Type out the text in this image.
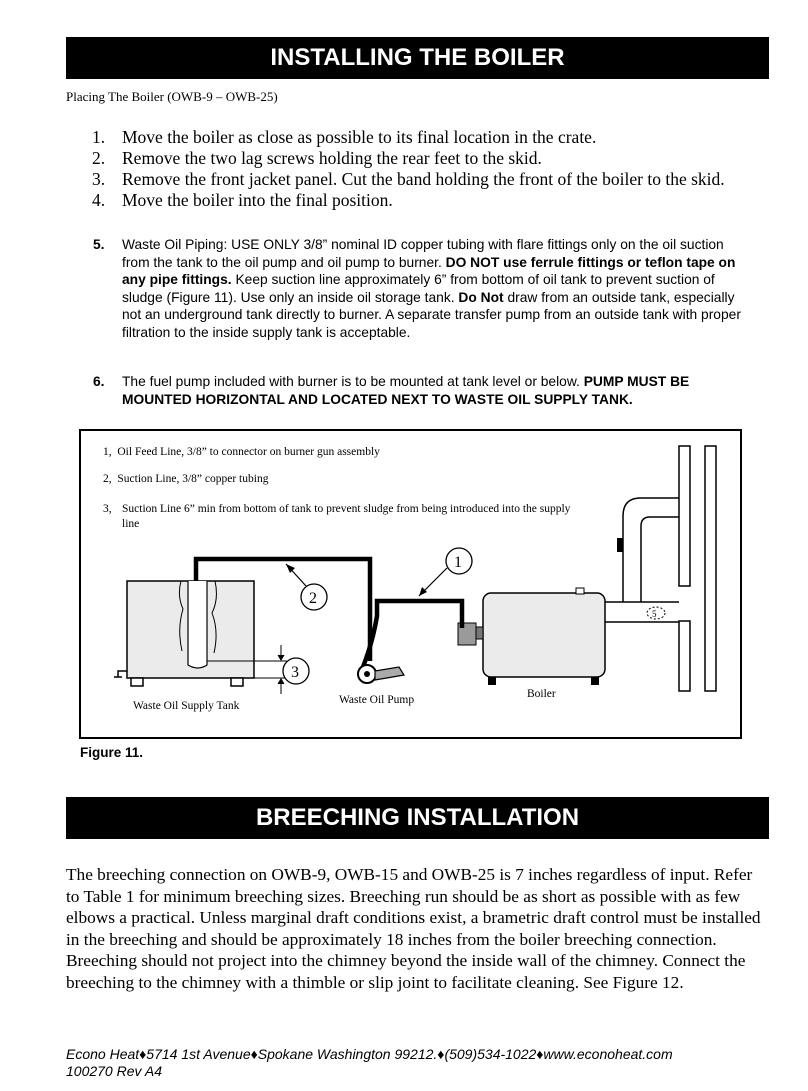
INSTALLING THE BOILER
Placing The Boiler (OWB-9 – OWB-25)
1. Move the boiler as close as possible to its final location in the crate.
2. Remove the two lag screws holding the rear feet to the skid.
3. Remove the front jacket panel. Cut the band holding the front of the boiler to the skid.
4. Move the boiler into the final position.
5. Waste Oil Piping: USE ONLY 3/8” nominal ID copper tubing with flare fittings only on the oil suction from the tank to the oil pump and oil pump to burner. DO NOT use ferrule fittings or teflon tape on any pipe fittings. Keep suction line approximately 6” from bottom of oil tank to prevent suction of sludge (Figure 11). Use only an inside oil storage tank. Do Not draw from an outside tank, especially not an underground tank directly to burner. A separate transfer pump from an outside tank with proper filtration to the inside supply tank is acceptable.
6. The fuel pump included with burner is to be mounted at tank level or below. PUMP MUST BE MOUNTED HORIZONTAL AND LOCATED NEXT TO WASTE OIL SUPPLY TANK.
5
1
2
3
Waste Oil Supply Tank	Waste Oil Pump	Boiler
1, Oil Feed Line, 3/8” to connector on burner gun assembly
2, Suction Line, 3/8” copper tubing
3, Suction Line 6” min from bottom of tank to prevent sludge from being introduced into the supply line
Figure 11.
BREECHING INSTALLATION
The breeching connection on OWB-9, OWB-15 and OWB-25 is 7 inches regardless of input. Refer to Table 1 for minimum breeching sizes. Breeching run should be as short as possible with as few elbows a practical. Unless marginal draft conditions exist, a brametric draft control must be installed in the breeching and should be approximately 18 inches from the boiler breeching connection. Breeching should not project into the chimney beyond the inside wall of the chimney. Connect the breeching to the chimney with a thimble or slip joint to facilitate cleaning. See Figure 12.
Econo Heat♦5714 1st Avenue♦Spokane Washington 99212.♦(509)534-1022♦www.econoheat.com
100270 Rev A4
